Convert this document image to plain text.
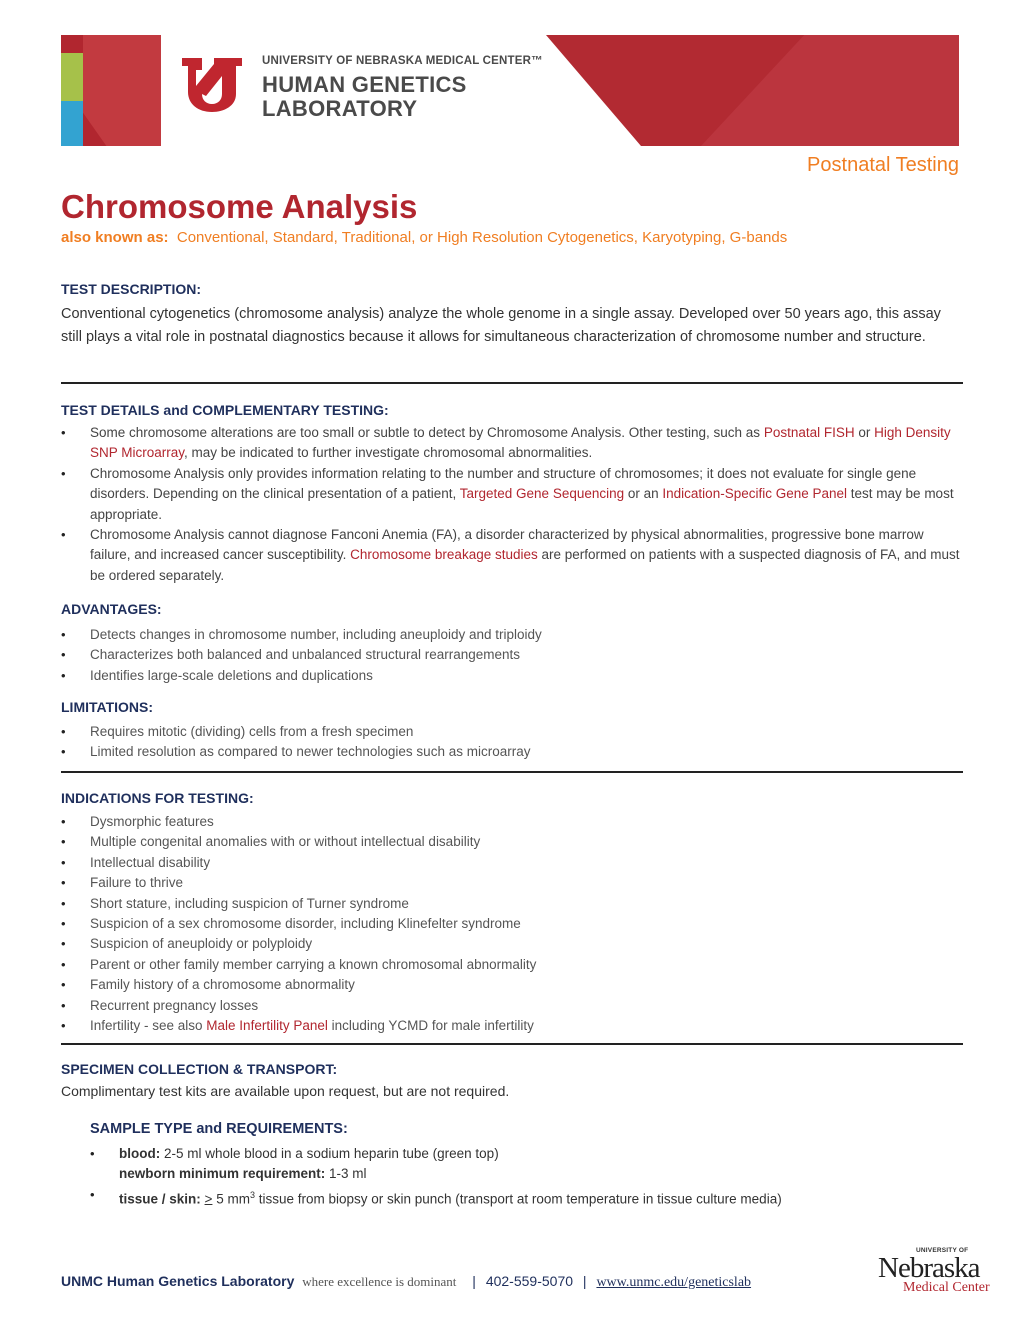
UNIVERSITY OF NEBRASKA MEDICAL CENTER™
HUMAN GENETICS
LABORATORY
Postnatal Testing
Chromosome Analysis
also known as: Conventional, Standard, Traditional, or High Resolution Cytogenetics, Karyotyping, G-bands
TEST DESCRIPTION:
Conventional cytogenetics (chromosome analysis) analyze the whole genome in a single assay. Developed over 50 years ago, this assay still plays a vital role in postnatal diagnostics because it allows for simultaneous characterization of chromosome number and structure.
TEST DETAILS and COMPLEMENTARY TESTING:
• Some chromosome alterations are too small or subtle to detect by Chromosome Analysis. Other testing, such as Postnatal FISH or High Density SNP Microarray, may be indicated to further investigate chromosomal abnormalities.
• Chromosome Analysis only provides information relating to the number and structure of chromosomes; it does not evaluate for single gene disorders. Depending on the clinical presentation of a patient, Targeted Gene Sequencing or an Indication-Specific Gene Panel test may be most appropriate.
• Chromosome Analysis cannot diagnose Fanconi Anemia (FA), a disorder characterized by physical abnormalities, progressive bone marrow failure, and increased cancer susceptibility. Chromosome breakage studies are performed on patients with a suspected diagnosis of FA, and must be ordered separately.
ADVANTAGES:
• Detects changes in chromosome number, including aneuploidy and triploidy
• Characterizes both balanced and unbalanced structural rearrangements
• Identifies large-scale deletions and duplications
LIMITATIONS:
• Requires mitotic (dividing) cells from a fresh specimen
• Limited resolution as compared to newer technologies such as microarray
INDICATIONS FOR TESTING:
• Dysmorphic features
• Multiple congenital anomalies with or without intellectual disability
• Intellectual disability
• Failure to thrive
• Short stature, including suspicion of Turner syndrome
• Suspicion of a sex chromosome disorder, including Klinefelter syndrome
• Suspicion of aneuploidy or polyploidy
• Parent or other family member carrying a known chromosomal abnormality
• Family history of a chromosome abnormality
• Recurrent pregnancy losses
• Infertility - see also Male Infertility Panel including YCMD for male infertility
SPECIMEN COLLECTION & TRANSPORT:
Complimentary test kits are available upon request, but are not required.
SAMPLE TYPE and REQUIREMENTS:
• blood: 2-5 ml whole blood in a sodium heparin tube (green top)
newborn minimum requirement: 1-3 ml
• tissue / skin: > 5 $mm^3$ tissue from biopsy or skin punch (transport at room temperature in tissue culture media)
UNMC Human Genetics Laboratory where excellence is dominant | 402-559-5070 | www.unmc.edu/geneticslab
UNIVERSITY OF
Nebraska
Medical Center
